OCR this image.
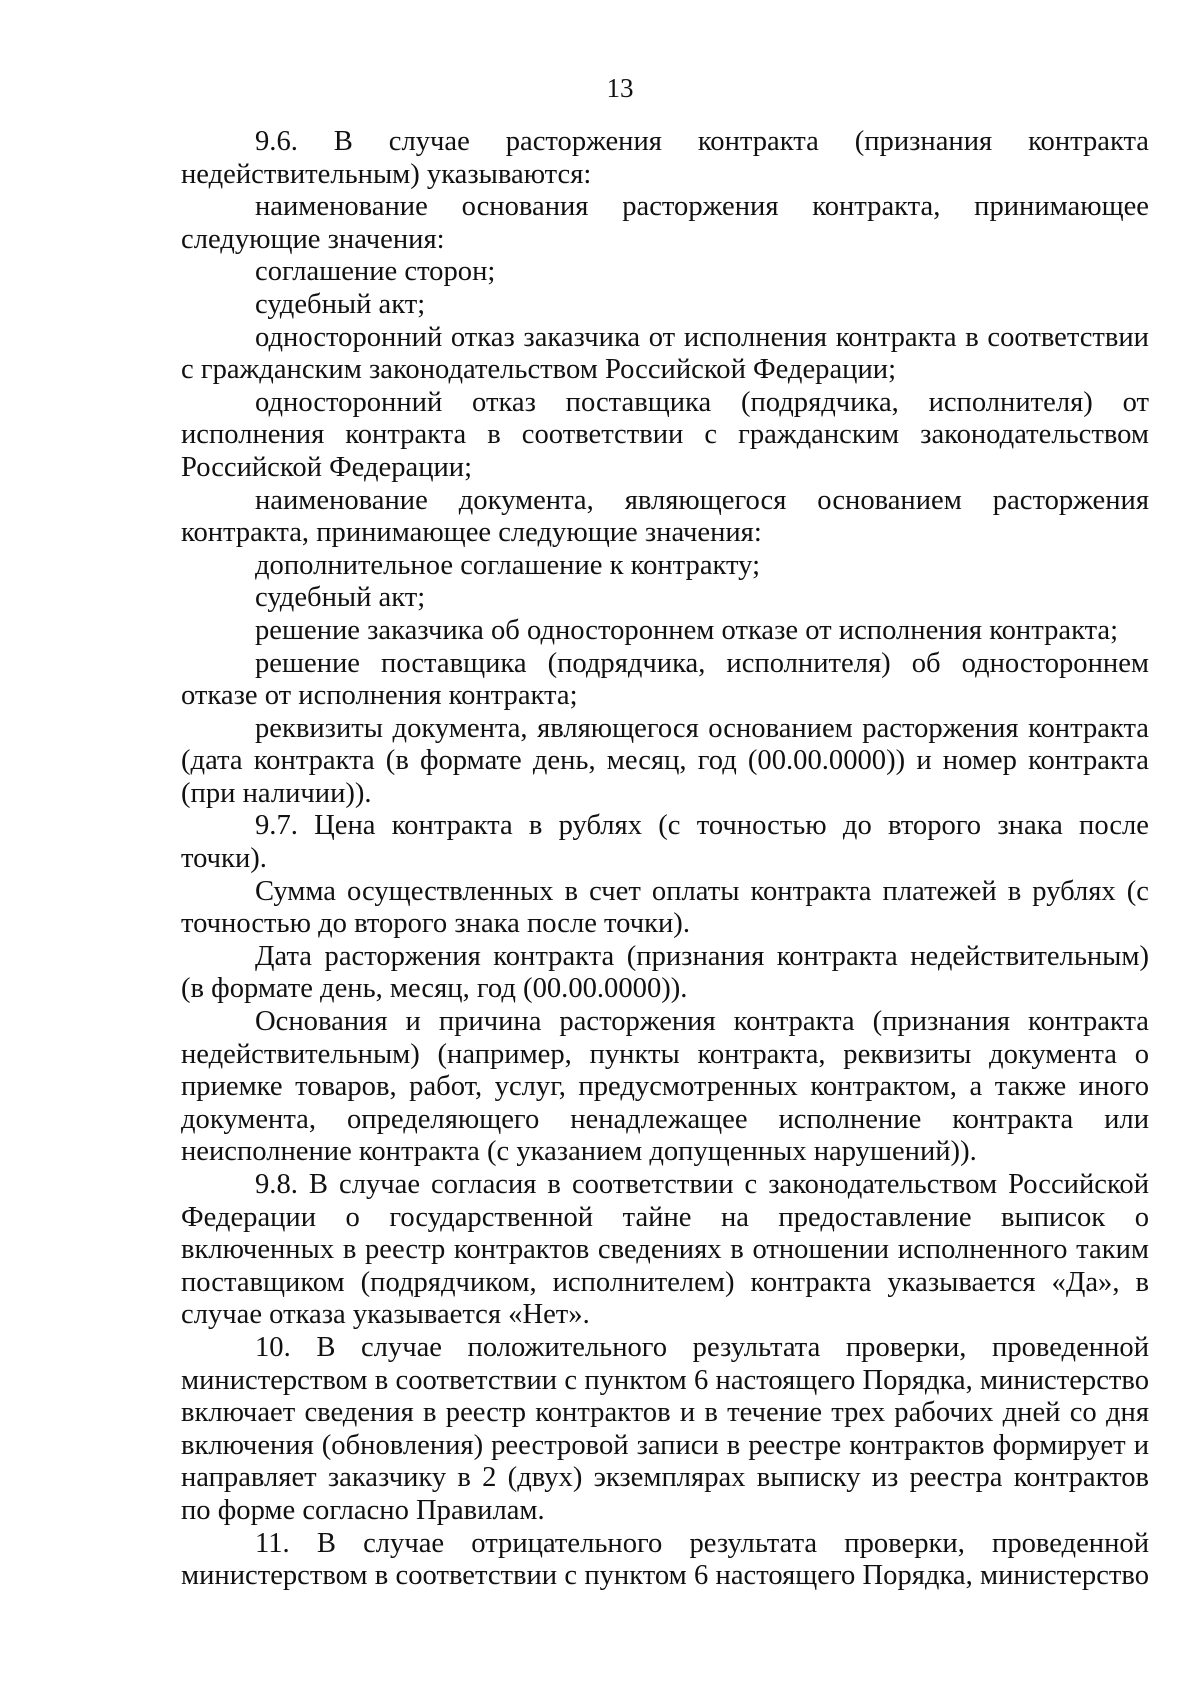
13

9.6. В случае расторжения контракта (признания контракта недействительным) указываются:

наименование основания расторжения контракта, принимающее следующие значения:

соглашение сторон;

судебный акт;

односторонний отказ заказчика от исполнения контракта в соответствии с гражданским законодательством Российской Федерации;

односторонний отказ поставщика (подрядчика, исполнителя) от исполнения контракта в соответствии с гражданским законодательством Российской Федерации;

наименование документа, являющегося основанием расторжения контракта, принимающее следующие значения:

дополнительное соглашение к контракту;

судебный акт;

решение заказчика об одностороннем отказе от исполнения контракта;

решение поставщика (подрядчика, исполнителя) об одностороннем отказе от исполнения контракта;

реквизиты документа, являющегося основанием расторжения контракта (дата контракта (в формате день, месяц, год (00.00.0000)) и номер контракта (при наличии)).

9.7. Цена контракта в рублях (с точностью до второго знака после точки).

Сумма осуществленных в счет оплаты контракта платежей в рублях (с точностью до второго знака после точки).

Дата расторжения контракта (признания контракта недействительным) (в формате день, месяц, год (00.00.0000)).

Основания и причина расторжения контракта (признания контракта недействительным) (например, пункты контракта, реквизиты документа о приемке товаров, работ, услуг, предусмотренных контрактом, а также иного документа, определяющего ненадлежащее исполнение контракта или неисполнение контракта (с указанием допущенных нарушений)).

9.8. В случае согласия в соответствии с законодательством Российской Федерации о государственной тайне на предоставление выписок о включенных в реестр контрактов сведениях в отношении исполненного таким поставщиком (подрядчиком, исполнителем) контракта указывается «Да», в случае отказа указывается «Нет».

10. В случае положительного результата проверки, проведенной министерством в соответствии с пунктом 6 настоящего Порядка, министерство включает сведения в реестр контрактов и в течение трех рабочих дней со дня включения (обновления) реестровой записи в реестре контрактов формирует и направляет заказчику в 2 (двух) экземплярах выписку из реестра контрактов по форме согласно Правилам.

11. В случае отрицательного результата проверки, проведенной министерством в соответствии с пунктом 6 настоящего Порядка, министерство
